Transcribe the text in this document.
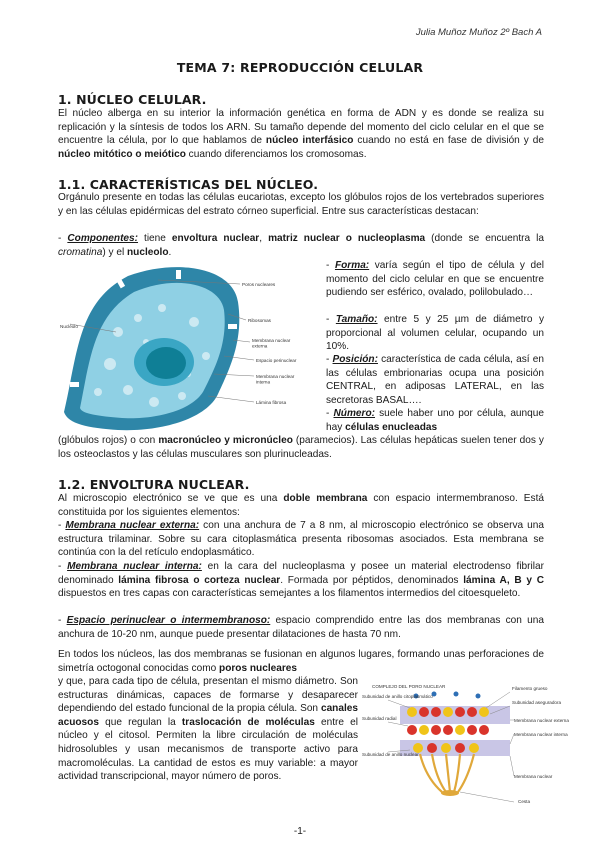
Julia Muñoz Muñoz 2º Bach A
TEMA 7: REPRODUCCIÓN CELULAR
1. NÚCLEO CELULAR.
El núcleo alberga en su interior la información genética en forma de ADN y es donde se realiza su replicación y la síntesis de todos los ARN. Su tamaño depende del momento del ciclo celular en el que se encuentre la célula, por lo que hablamos de núcleo interfásico cuando no está en fase de división y de núcleo mitótico o meiótico cuando diferenciamos los cromosomas.
1.1. CARACTERÍSTICAS DEL NÚCLEO.
Orgánulo presente en todas las células eucariotas, excepto los glóbulos rojos de los vertebrados superiores y en las células epidérmicas del estrato córneo superficial. Entre sus características destacan:
- Componentes: tiene envoltura nuclear, matriz nuclear o nucleoplasma (donde se encuentra la cromatina) y el nucleolo.
- Forma: varía según el tipo de célula y del momento del ciclo celular en que se encuentre pudiendo ser esférico, ovalado, polilobulado…
- Tamaño: entre 5 y 25 µm de diámetro y proporcional al volumen celular, ocupando un 10%.
- Posición: característica de cada célula, así en las células embrionarias ocupa una posición CENTRAL, en adiposas LATERAL, en las secretoras BASAL….
- Número: suele haber uno por célula, aunque hay células enucleadas
(glóbulos rojos) o con macronúcleo y micronúcleo (paramecios). Las células hepáticas suelen tener dos y los osteoclastos y las células musculares son plurinucleadas.
Poros nucleares
Ribosomas
Nucléolo
Membrana nuclear externa
Espacio perinuclear
Membrana nuclear interna
Lámina fibrosa
1.2. ENVOLTURA NUCLEAR.
Al microscopio electrónico se ve que es una doble membrana con espacio intermembranoso. Está constituida por los siguientes elementos:
- Membrana nuclear externa: con una anchura de 7 a 8 nm, al microscopio electrónico se observa una estructura trilaminar. Sobre su cara citoplasmática presenta ribosomas asociados. Esta membrana se continúa con la del retículo endoplasmático.
- Membrana nuclear interna: en la cara del nucleoplasma y posee un material electrodenso fibrilar denominado lámina fibrosa o corteza nuclear. Formada por péptidos, denominados lámina A, B y C dispuestos en tres capas con características semejantes a los filamentos intermedios del citoesqueleto.
- Espacio perinuclear o intermembranoso: espacio comprendido entre las dos membranas con una anchura de 10-20 nm, aunque puede presentar dilataciones de hasta 70 nm.
En todos los núcleos, las dos membranas se fusionan en algunos lugares, formando unas perforaciones de simetría octogonal conocidas como poros nucleares
y que, para cada tipo de célula, presentan el mismo diámetro. Son estructuras dinámicas, capaces de formarse y desaparecer dependiendo del estado funcional de la propia célula. Son canales acuosos que regulan la traslocación de moléculas entre el núcleo y el citosol. Permiten la libre circulación de moléculas hidrosolubles y usan mecanismos de transporte activo para macromoléculas. La cantidad de estos es muy variable: a mayor actividad transcripcional, mayor número de poros.
COMPLEJO DEL PORO NUCLEAR
Subunidad de anillo citoplasmático
Filamento grueso
Subunidad radial
Subunidad aseguradora
Membrana nuclear externa
Membrana nuclear interna
Subunidad de anillo nuclear
Membrana nuclear
Cesta
-1-
